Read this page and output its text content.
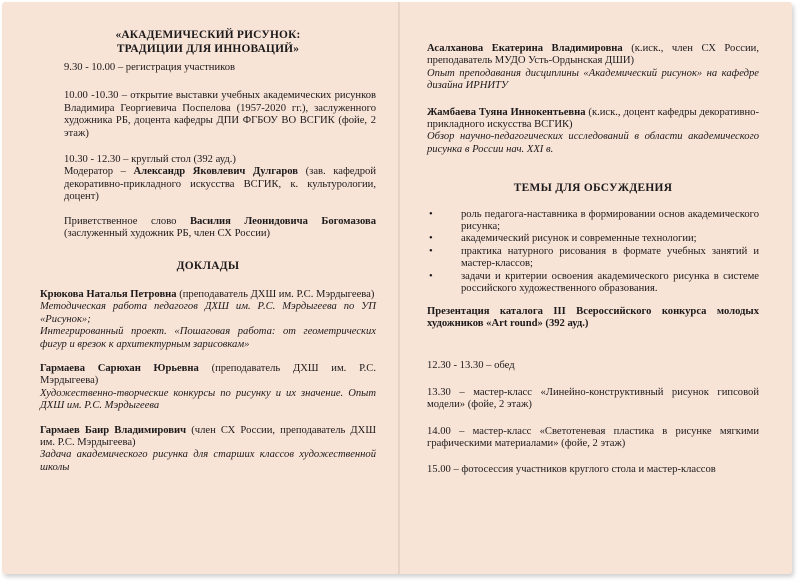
«АКАДЕМИЧЕСКИЙ РИСУНОК:
ТРАДИЦИИ ДЛЯ ИННОВАЦИЙ»

9.30 - 10.00 – регистрация участников

10.00 -10.30 – открытие выставки учебных академических рисунков Владимира Георгиевича Поспелова (1957-2020 гг.), заслуженного художника РБ, доцента кафедры ДПИ ФГБОУ ВО ВСГИК (фойе, 2 этаж)

10.30 - 12.30 – круглый стол (392 ауд.)

Модератор – Александр Яковлевич Дулгаров (зав. кафедрой декоративно-прикладного искусства ВСГИК, к. культурологии, доцент)

Приветственное слово Василия Леонидовича Богомазова (заслуженный художник РБ, член СХ России)

ДОКЛАДЫ

Крюкова Наталья Петровна (преподаватель ДХШ им. Р.С. Мэрдыгеева)

Методическая работа педагогов ДХШ им. Р.С. Мэрдыгеева по УП «Рисунок»;

Интегрированный проект. «Пошаговая работа: от геометрических фигур и врезок к архитектурным зарисовкам»

Гармаева Сарюхан Юрьевна (преподаватель ДХШ им. Р.С. Мэрдыгеева)

Художественно-творческие конкурсы по рисунку и их значение. Опыт ДХШ им. Р.С. Мэрдыгеева

Гармаев Баир Владимирович (член СХ России, преподаватель ДХШ им. Р.С. Мэрдыгеева)

Задача академического рисунка для старших классов художественной школы

Асалханова Екатерина Владимировна (к.иск., член СХ России, преподаватель МУДО Усть-Ордынская ДШИ)

Опыт преподавания дисциплины «Академический рисунок» на кафедре дизайна ИРНИТУ

Жамбаева Туяна Иннокентьевна (к.иск., доцент кафедры декоративно-прикладного искусства ВСГИК)

Обзор научно-педагогических исследований в области академического рисунка в России нач. XXI в.

ТЕМЫ ДЛЯ ОБСУЖДЕНИЯ

•	роль педагога-наставника в формировании основ академического рисунка;

•	академический рисунок и современные технологии;

•	практика натурного рисования в формате учебных занятий и мастер-классов;

•	задачи и критерии освоения академического рисунка в системе российского художественного образования.

Презентация каталога III Всероссийского конкурса молодых художников «Art round» (392 ауд.)

12.30 - 13.30 – обед

13.30 – мастер-класс «Линейно-конструктивный рисунок гипсовой модели» (фойе, 2 этаж)

14.00 – мастер-класс «Светотеневая пластика в рисунке мягкими графическими материалами» (фойе, 2 этаж)

15.00 – фотосессия участников круглого стола и мастер-классов
